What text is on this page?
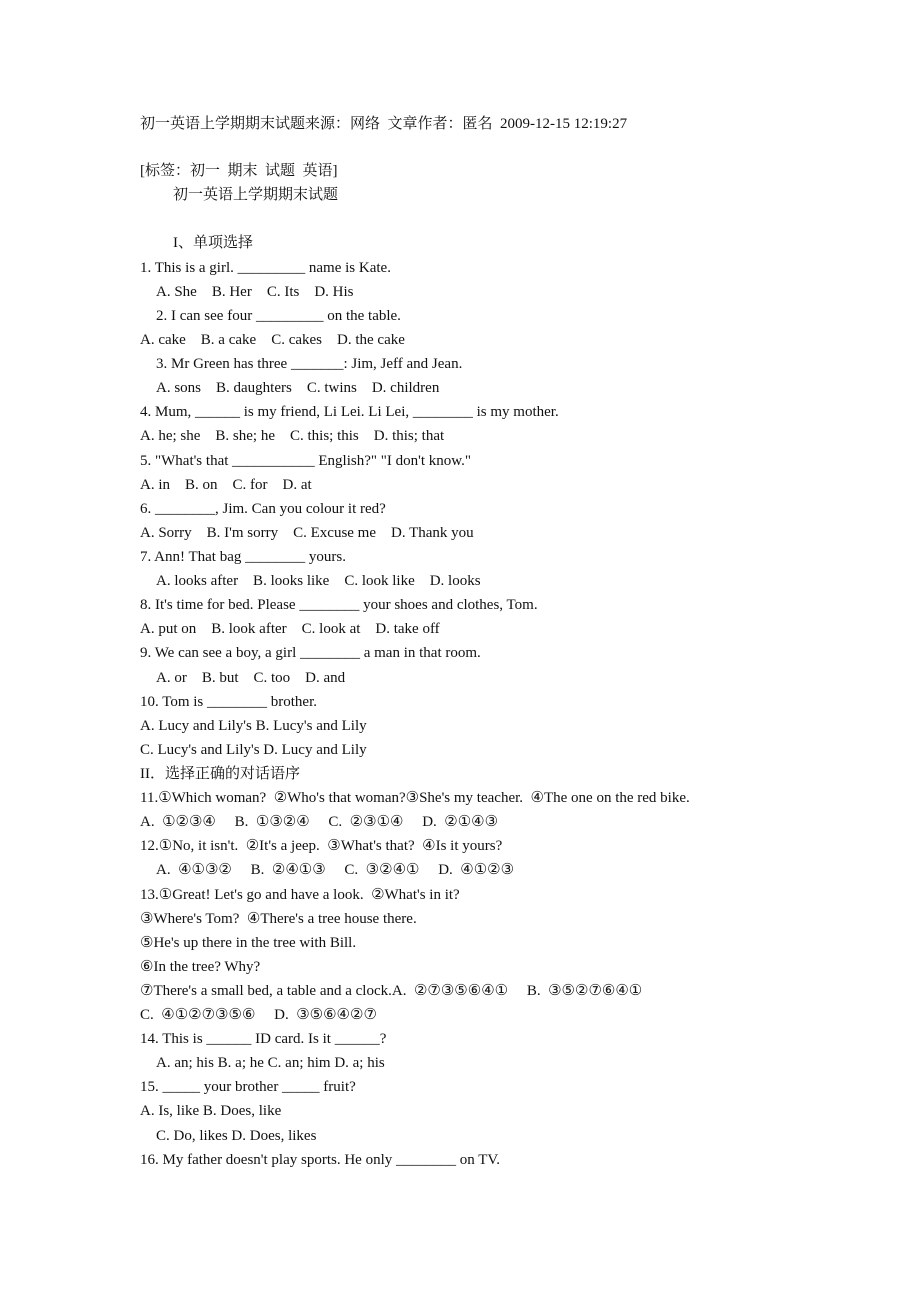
初一英语上学期期末试题来源：网络  文章作者：匿名  2009-12-15 12:19:27
[标签：初一  期末  试题  英语]
初一英语上学期期末试题
I、单项选择
1. This is a girl. _________ name is Kate.
A. She    B. Her    C. Its    D. His
2. I can see four _________ on the table.
A. cake    B. a cake    C. cakes    D. the cake
3. Mr Green has three _______: Jim, Jeff and Jean.
A. sons    B. daughters    C. twins    D. children
4. Mum, ______ is my friend, Li Lei. Li Lei, ________ is my mother.
A. he; she    B. she; he    C. this; this    D. this; that
5. "What's that ___________ English?" "I don't know."
A. in    B. on    C. for    D. at
6. ________, Jim. Can you colour it red?
A. Sorry    B. I'm sorry    C. Excuse me    D. Thank you
7. Ann! That bag ________ yours.
A. looks after    B. looks like    C. look like    D. looks
8. It's time for bed. Please ________ your shoes and clothes, Tom.
A. put on    B. look after    C. look at    D. take off
9. We can see a boy, a girl ________ a man in that room.
A. or    B. but    C. too    D. and
10. Tom is ________ brother.
A. Lucy and Lily's B. Lucy's and Lily
C. Lucy's and Lily's D. Lucy and Lily
II．选择正确的对话语序
11.①Which woman?  ②Who's that woman?③She's my teacher.  ④The one on the red bike.
A.  ①②③④     B.  ①③②④     C.  ②③①④     D.  ②①④③
12.①No, it isn't.  ②It's a jeep.  ③What's that?  ④Is it yours?
A.  ④①③②     B.  ②④①③     C.  ③②④①     D.  ④①②③
13.①Great! Let's go and have a look.  ②What's in it?
③Where's Tom?  ④There's a tree house there.
⑤He's up there in the tree with Bill.
⑥In the tree? Why?
⑦There's a small bed, a table and a clock.A.  ②⑦③⑤⑥④①     B.  ③⑤②⑦⑥④①
C.  ④①②⑦③⑤⑥     D.  ③⑤⑥④②⑦
14. This is ______ ID card. Is it ______?
A. an; his B. a; he C. an; him D. a; his
15. _____ your brother _____ fruit?
A. Is, like B. Does, like
C. Do, likes D. Does, likes
16. My father doesn't play sports. He only ________ on TV.
